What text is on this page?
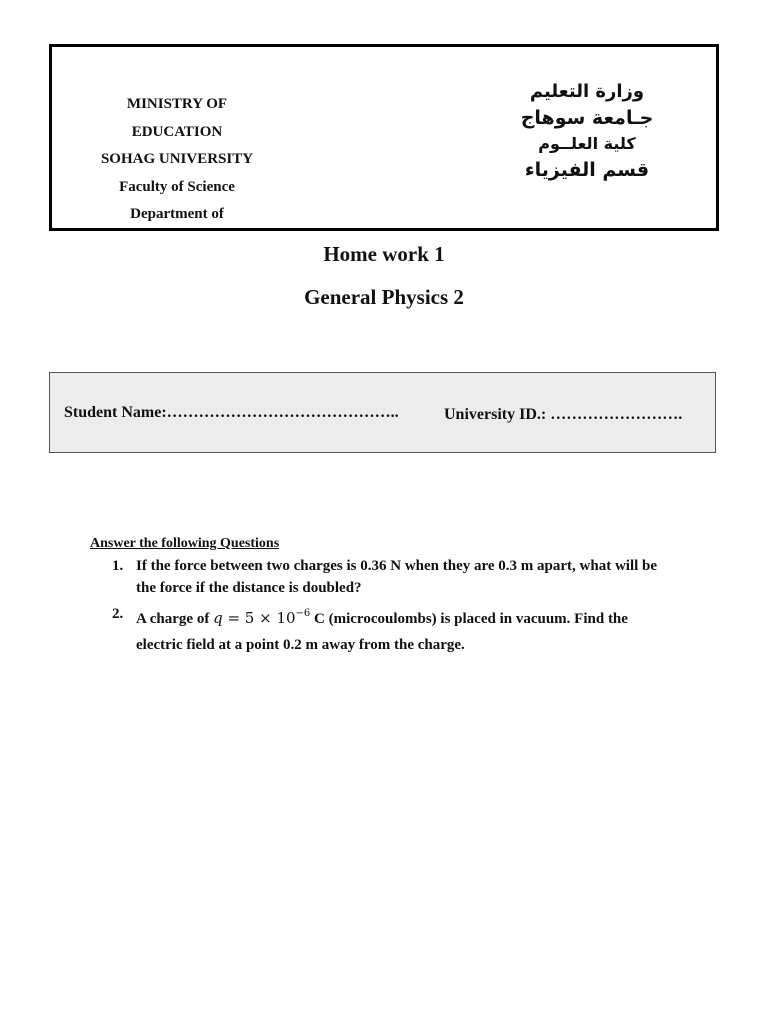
MINISTRY OF
EDUCATION
SOHAG UNIVERSITY
Faculty of Science
Department of
وزارة التعليم
جـامعة سوهاج
كلية العلــوم
قسم الفيزياء
Home work 1
General Physics 2
Student Name:……………………………………..	University ID.: …………………….
Answer the following Questions
1. If the force between two charges is 0.36 N when they are 0.3 m apart, what will be the force if the distance is doubled?
2. A charge of $q = 5 \times 10^{-6}$ C (microcoulombs) is placed in vacuum. Find the electric field at a point 0.2 m away from the charge.
